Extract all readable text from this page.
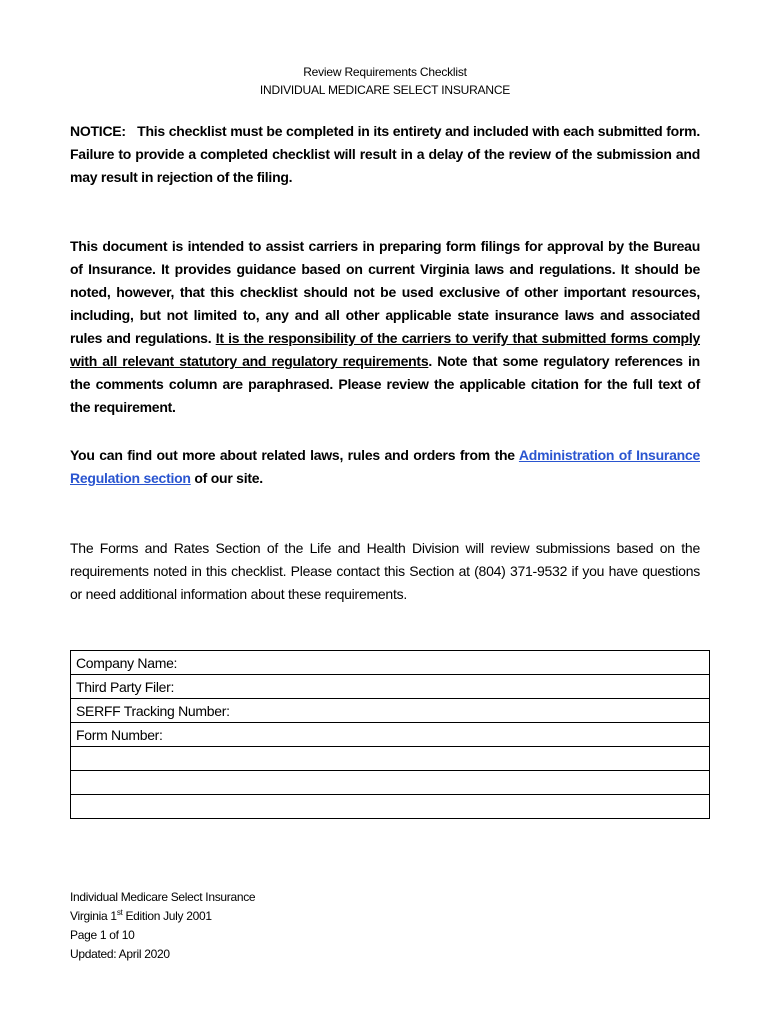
Review Requirements Checklist
INDIVIDUAL MEDICARE SELECT INSURANCE
NOTICE: This checklist must be completed in its entirety and included with each submitted form. Failure to provide a completed checklist will result in a delay of the review of the submission and may result in rejection of the filing.
This document is intended to assist carriers in preparing form filings for approval by the Bureau of Insurance. It provides guidance based on current Virginia laws and regulations. It should be noted, however, that this checklist should not be used exclusive of other important resources, including, but not limited to, any and all other applicable state insurance laws and associated rules and regulations. It is the responsibility of the carriers to verify that submitted forms comply with all relevant statutory and regulatory requirements. Note that some regulatory references in the comments column are paraphrased. Please review the applicable citation for the full text of the requirement.
You can find out more about related laws, rules and orders from the Administration of Insurance Regulation section of our site.
The Forms and Rates Section of the Life and Health Division will review submissions based on the requirements noted in this checklist. Please contact this Section at (804) 371-9532 if you have questions or need additional information about these requirements.
Company Name:
Third Party Filer:
SERFF Tracking Number:
Form Number:

Individual Medicare Select Insurance
Virginia 1st Edition July 2001
Page 1 of 10
Updated: April 2020
